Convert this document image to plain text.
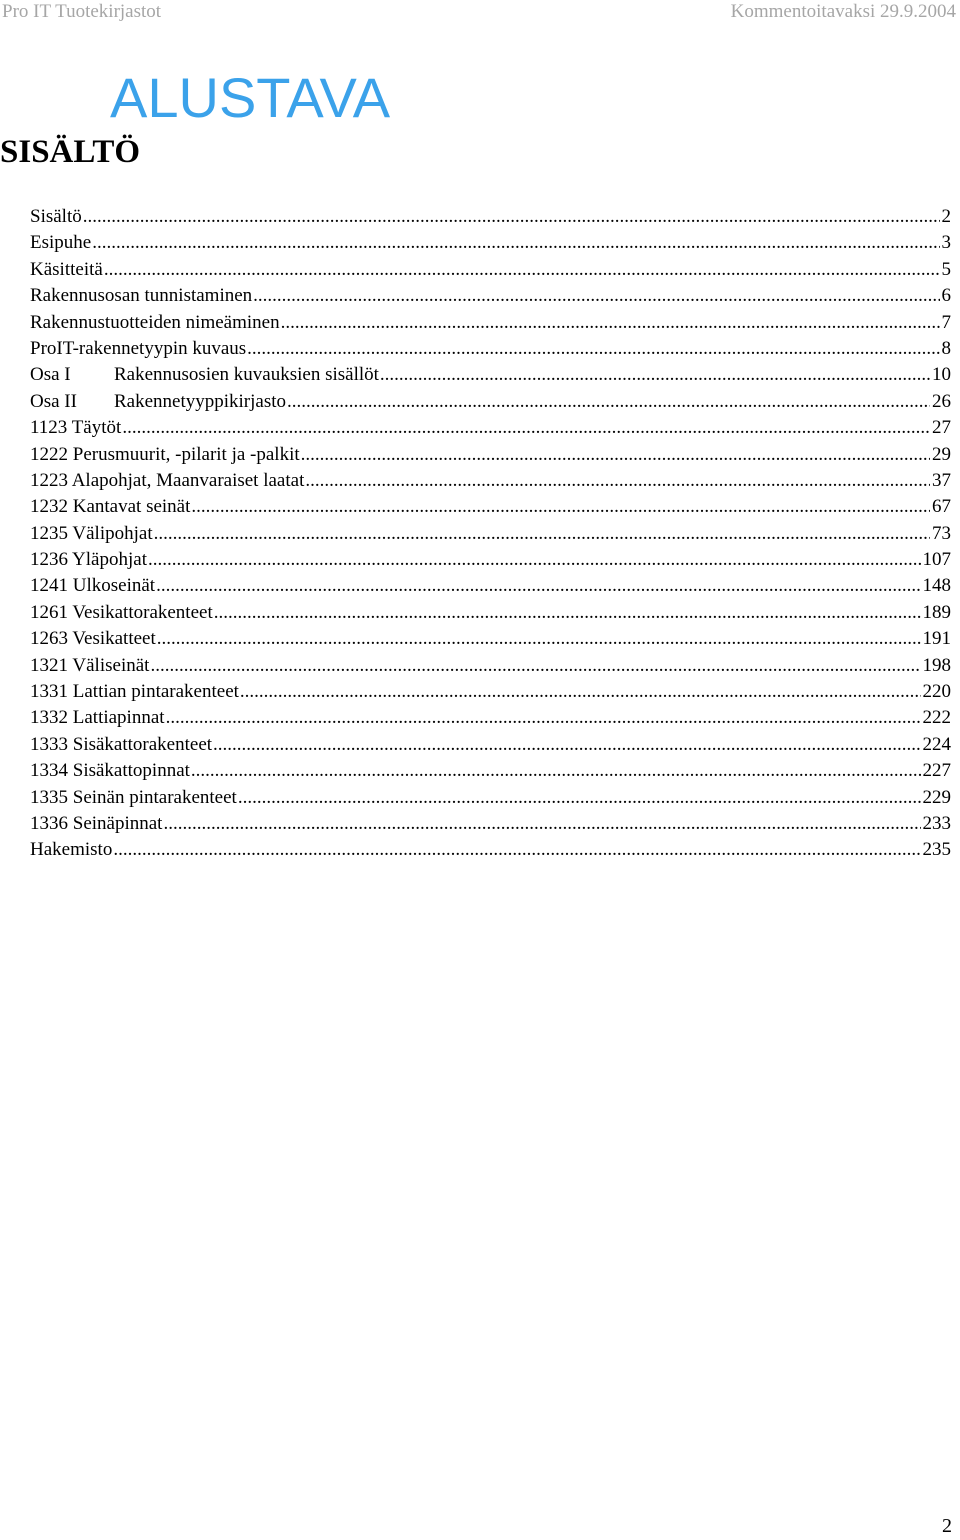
Pro IT Tuotekirjastot	Kommentoitavaksi 29.9.2004
ALUSTAVA
SISÄLTÖ
Sisältö .....	2
Esipuhe .....	3
Käsitteitä .....	5
Rakennusosan tunnistaminen .....	6
Rakennustuotteiden nimeäminen .....	7
ProIT-rakennetyypin kuvaus .....	8
Osa I	Rakennusosien kuvauksien sisällöt .....	10
Osa II	Rakennetyyppikirjasto .....	26
1123 Täytöt .....	27
1222 Perusmuurit, -pilarit ja -palkit .....	29
1223 Alapohjat, Maanvaraiset laatat .....	37
1232 Kantavat seinät .....	67
1235 Välipohjat .....	73
1236 Yläpohjat .....	107
1241 Ulkoseinät .....	148
1261 Vesikattorakenteet .....	189
1263 Vesikatteet .....	191
1321 Väliseinät .....	198
1331 Lattian pintarakenteet .....	220
1332 Lattiapinnat .....	222
1333 Sisäkattorakenteet .....	224
1334 Sisäkattopinnat .....	227
1335 Seinän pintarakenteet .....	229
1336 Seinäpinnat .....	233
Hakemisto .....	235
2
